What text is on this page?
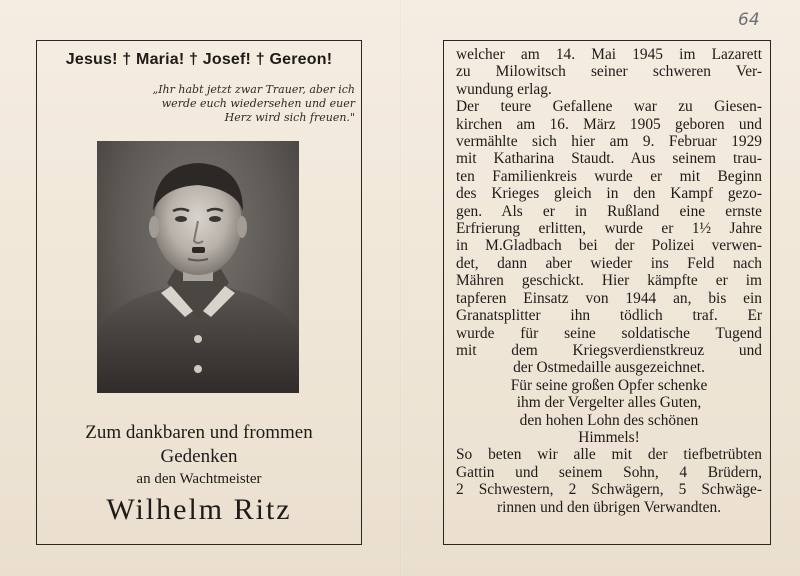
64
Jesus! † Maria! † Josef! † Gereon!
„Ihr habt jetzt zwar Trauer, aber ich
werde euch wiedersehen und euer
Herz wird sich freuen."
Zum dankbaren und frommen
Gedenken
an den Wachtmeister
Wilhelm Ritz
welcher am 14. Mai 1945 im Lazarett
zu Milowitsch seiner schweren Ver-
wundung erlag.
Der teure Gefallene war zu Giesen-
kirchen am 16. März 1905 geboren und
vermählte sich hier am 9. Februar 1929
mit Katharina Staudt. Aus seinem trau-
ten Familienkreis wurde er mit Beginn
des Krieges gleich in den Kampf gezo-
gen. Als er in Rußland eine ernste
Erfrierung erlitten, wurde er 1½ Jahre
in M.Gladbach bei der Polizei verwen-
det, dann aber wieder ins Feld nach
Mähren geschickt. Hier kämpfte er im
tapferen Einsatz von 1944 an, bis ein
Granatsplitter ihn tödlich traf. Er
wurde für seine soldatische Tugend
mit dem Kriegsverdienstkreuz und
der Ostmedaille ausgezeichnet.
Für seine großen Opfer schenke
ihm der Vergelter alles Guten,
den hohen Lohn des schönen
Himmels!
So beten wir alle mit der tiefbetrübten
Gattin und seinem Sohn, 4 Brüdern,
2 Schwestern, 2 Schwägern, 5 Schwäge-
rinnen und den übrigen Verwandten.
